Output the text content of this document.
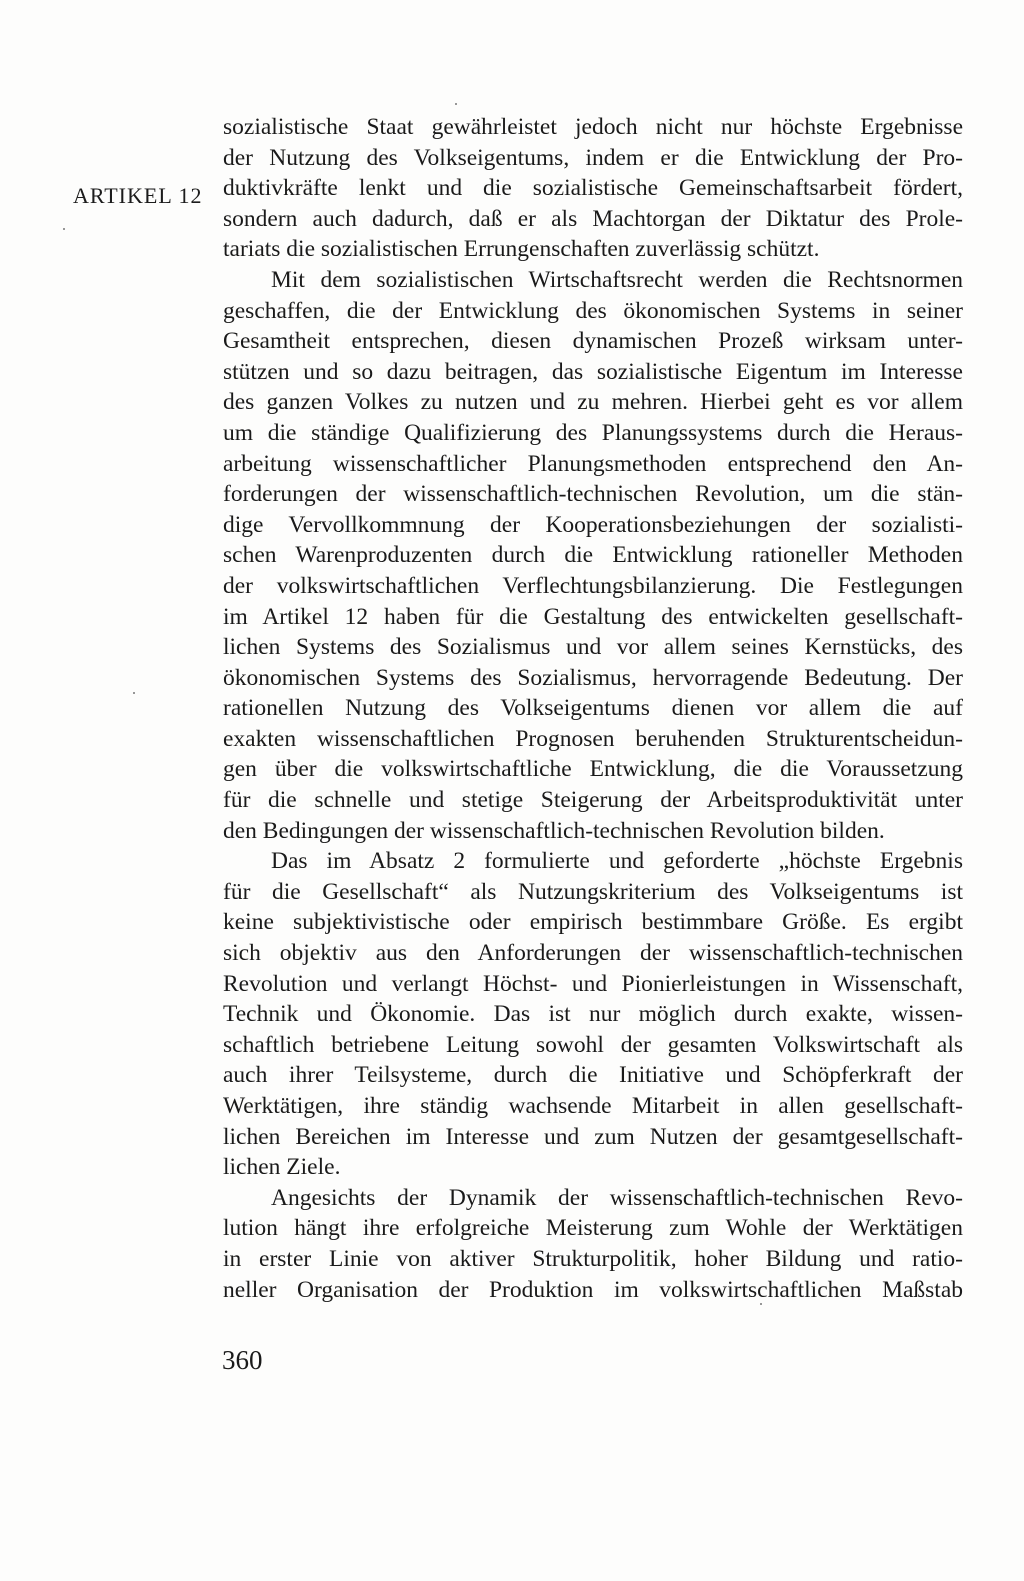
ARTIKEL 12
sozialistische Staat gewährleistet jedoch nicht nur höchste Ergebnisse
der Nutzung des Volkseigentums, indem er die Entwicklung der Pro-
duktivkräfte lenkt und die sozialistische Gemeinschaftsarbeit fördert,
sondern auch dadurch, daß er als Machtorgan der Diktatur des Prole-
tariats die sozialistischen Errungenschaften zuverlässig schützt.
Mit dem sozialistischen Wirtschaftsrecht werden die Rechtsnormen
geschaffen, die der Entwicklung des ökonomischen Systems in seiner
Gesamtheit entsprechen, diesen dynamischen Prozeß wirksam unter-
stützen und so dazu beitragen, das sozialistische Eigentum im Interesse
des ganzen Volkes zu nutzen und zu mehren. Hierbei geht es vor allem
um die ständige Qualifizierung des Planungssystems durch die Heraus-
arbeitung wissenschaftlicher Planungsmethoden entsprechend den An-
forderungen der wissenschaftlich-technischen Revolution, um die stän-
dige Vervollkommnung der Kooperationsbeziehungen der sozialisti-
schen Warenproduzenten durch die Entwicklung rationeller Methoden
der volkswirtschaftlichen Verflechtungsbilanzierung. Die Festlegungen
im Artikel 12 haben für die Gestaltung des entwickelten gesellschaft-
lichen Systems des Sozialismus und vor allem seines Kernstücks, des
ökonomischen Systems des Sozialismus, hervorragende Bedeutung. Der
rationellen Nutzung des Volkseigentums dienen vor allem die auf
exakten wissenschaftlichen Prognosen beruhenden Strukturentscheidun-
gen über die volkswirtschaftliche Entwicklung, die die Voraussetzung
für die schnelle und stetige Steigerung der Arbeitsproduktivität unter
den Bedingungen der wissenschaftlich-technischen Revolution bilden.
Das im Absatz 2 formulierte und geforderte „höchste Ergebnis
für die Gesellschaft“ als Nutzungskriterium des Volkseigentums ist
keine subjektivistische oder empirisch bestimmbare Größe. Es ergibt
sich objektiv aus den Anforderungen der wissenschaftlich-technischen
Revolution und verlangt Höchst- und Pionierleistungen in Wissenschaft,
Technik und Ökonomie. Das ist nur möglich durch exakte, wissen-
schaftlich betriebene Leitung sowohl der gesamten Volkswirtschaft als
auch ihrer Teilsysteme, durch die Initiative und Schöpferkraft der
Werktätigen, ihre ständig wachsende Mitarbeit in allen gesellschaft-
lichen Bereichen im Interesse und zum Nutzen der gesamtgesellschaft-
lichen Ziele.
Angesichts der Dynamik der wissenschaftlich-technischen Revo-
lution hängt ihre erfolgreiche Meisterung zum Wohle der Werktätigen
in erster Linie von aktiver Strukturpolitik, hoher Bildung und ratio-
neller Organisation der Produktion im volkswirtschaftlichen Maßstab
360
